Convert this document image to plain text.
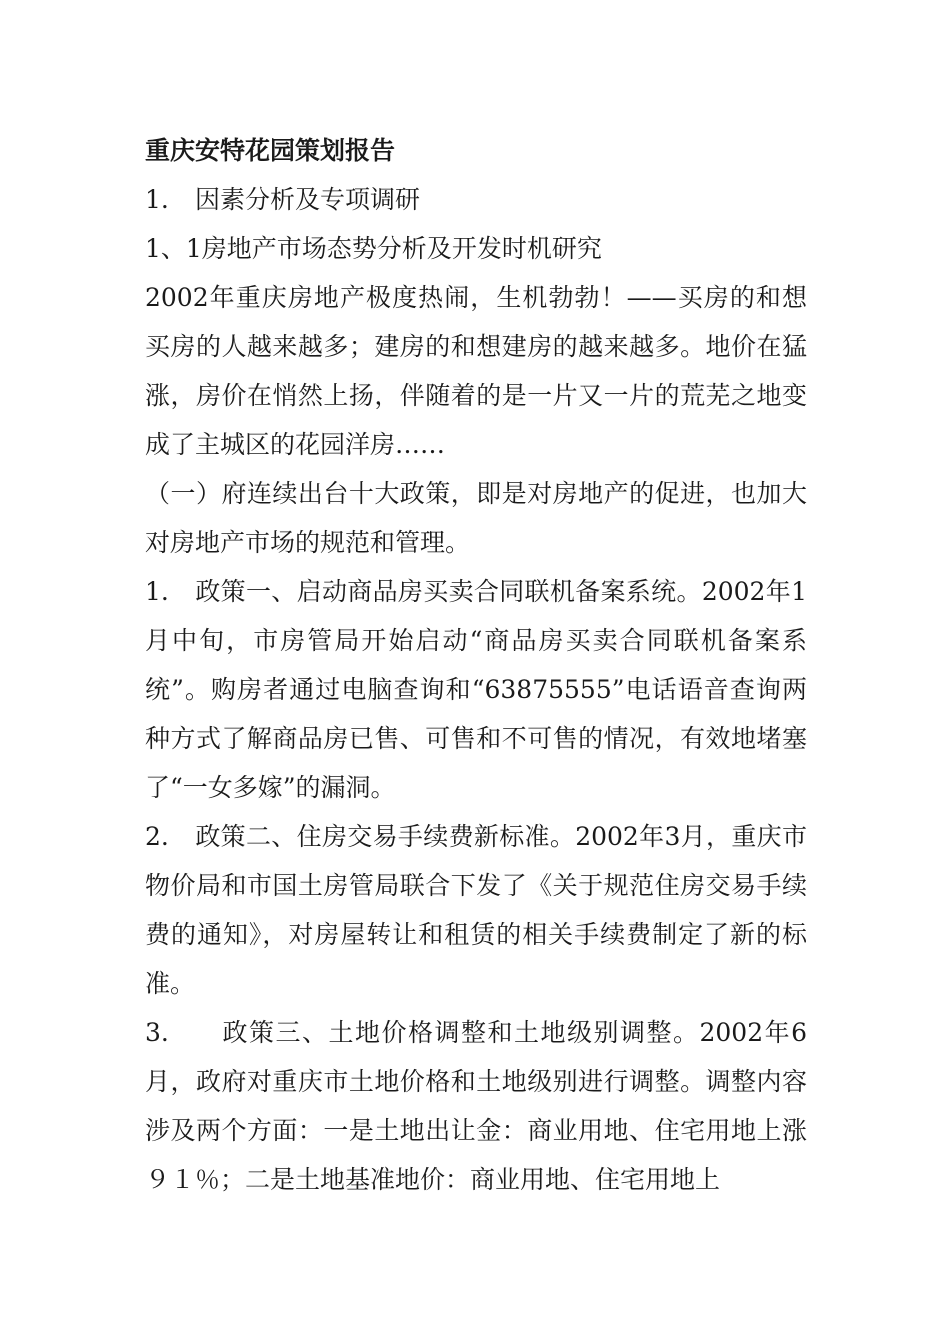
重庆安特花园策划报告

1. 因素分析及专项调研

1、1房地产市场态势分析及开发时机研究

2002年重庆房地产极度热闹，生机勃勃！——买房的和想买房的人越来越多；建房的和想建房的越来越多。地价在猛涨，房价在悄然上扬，伴随着的是一片又一片的荒芜之地变成了主城区的花园洋房……

（一）府连续出台十大政策，即是对房地产的促进，也加大对房地产市场的规范和管理。

1. 政策一、启动商品房买卖合同联机备案系统。2002年1月中旬，市房管局开始启动“商品房买卖合同联机备案系统”。购房者通过电脑查询和“63875555”电话语音查询两种方式了解商品房已售、可售和不可售的情况，有效地堵塞了“一女多嫁”的漏洞。

2. 政策二、住房交易手续费新标准。2002年3月，重庆市物价局和市国土房管局联合下发了《关于规范住房交易手续费的通知》，对房屋转让和租赁的相关手续费制定了新的标准。

3. 政策三、土地价格调整和土地级别调整。2002年6月，政府对重庆市土地价格和土地级别进行调整。调整内容涉及两个方面：一是土地出让金：商业用地、住宅用地上涨９１％；二是土地基准地价：商业用地、住宅用地上
